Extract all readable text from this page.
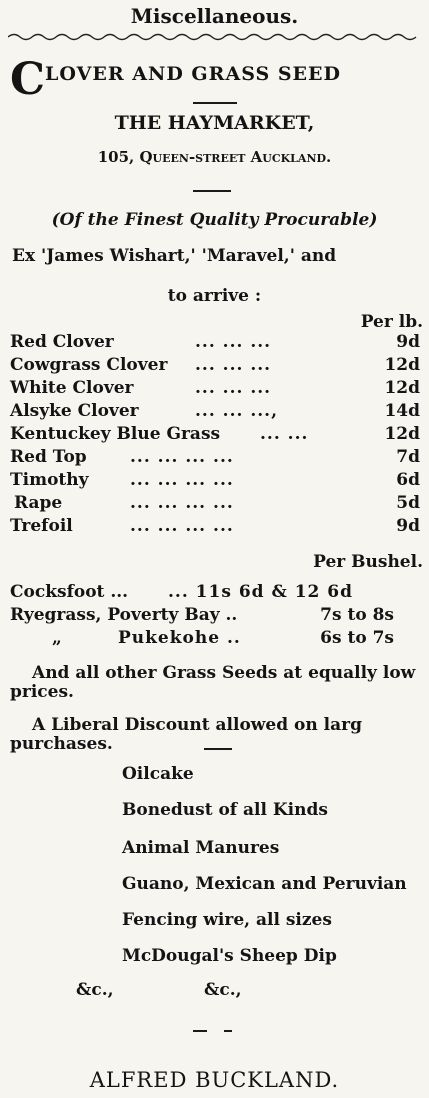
Miscellaneous.
CLOVER AND GRASS SEED
THE HAYMARKET,
105, Queen-street Auckland.
(Of the Finest Quality Procurable)
Ex 'James Wishart,' 'Maravel,' and
to arrive :
Per lb.
Red Clover	... ... ...	9d
Cowgrass Clover ... ... ...	12d
White Clover	... ... ...	12d
Alsyke Clover	... ... ...,	14d
Kentuckey Blue Grass ... ...	12d
Red Top	... ... ... ...	7d
Timothy ... ... ... ...	6d
Rape	... ... ... ...	5d
Trefoil	... ... ... ...	9d
Per Bushel.
Cocksfoot ... ... 11s 6d & 12 6d
Ryegrass, Poverty Bay ..	7s to 8s
„	Pukekohe ..	6s to 7s
And all other Grass Seeds at equally low prices.
A Liberal Discount allowed on larg purchases.
Oilcake
Bonedust of all Kinds
Animal Manures
Guano, Mexican and Peruvian
Fencing wire, all sizes
McDougal's Sheep Dip
&c.,	&c.,
ALFRED BUCKLAND.
